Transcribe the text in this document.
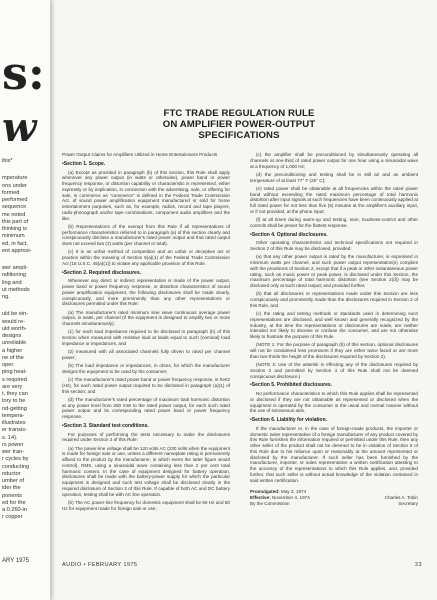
s:
w
ibis*
mperature
ons under
formed
performed
sequence
me noted
this part of
thinking is
minimum
ed, in fact,
ent approxi-
wer ampli-
nditioning
ling and
ut methods
ng.
uld be ein-
would re-
uld worth-
designs
unreliable
a higher
ne of the
oper.
ping heat-
s required
are very
t, they can
tory to be
nd-getting
tempera-
illustrates
er transis-
s. 14).
rs power
wer tran-
r cycles by
conducting
nductor
umber of
ider the
ponents
ed for the
a 0.260-in
r copper
ARY 1975
FTC TRADE REGULATION RULE
ON AMPLIFIER POWER-OUTPUT
SPECIFICATIONS

Power Output Claims for Amplifiers Utilized in Home Entertainment Products

• Section 1. Scope.

(a) Except as provided in paragraph (b) of this section, this Rule shall apply whenever any power output (in watts or otherwise), power band or power frequency response, or distortion capability or characteristic is represented, either expressly or by implication, in connection with the advertising, sale, or offering for sale, in commerce as "commerce" is defined in the Federal Trade Commission Act, of sound power amplification equipment manufactured or sold for home entertainment purposes, such as, for example, radios, record and tape players, radio-phonograph and/or tape combinations, component audio amplifiers and the like.

(b) Representations of the exempt from this Rule if all representations of performance characteristics referred to in paragraph (a) of this section clearly and conspicuously disclose a manufacturer's rated power output and that rated output does not exceed two (2) watts (per channel or total).

(c) It is an unfair method of competition and an unfair or deceptive act or practice within the meaning of Section 5(a)(1) of the Federal Trade Commission Act (15 U.S.C. 45(a)(1)) to violate any applicable provision of this Rule.

• Section 2. Required disclosures.

Whenever any direct or indirect representation is made of the power output, power band or power frequency response, or distortion characteristics of sound power amplification equipment, the following disclosures shall be made clearly, conspicuously, and more prominently than any other representations or disclosures permitted under this Rule:

(a) The manufacturer's rated minimum sine wave continuous average power output, in watts, per channel (if the equipment is designed to amplify two or more channels simultaneously);

(1) for each load impedance required to be disclosed in paragraph (b) of this section when measured with resistive load at loads equal to such (nominal) load impedance or impedances, and

(2) measured with all associated channels fully driven to rated per channel power;

(b) The load impedance or impedances, in ohms, for which the manufacturer designs the equipment to be used by the consumer;

(c) The manufacturer's rated power band or power frequency response, in hertz (Hz), for each rated power output required to be disclosed in paragraph (a)(1) of this section; and

(d) The manufacturer's rated percentage of maximum total harmonic distortion at any power level from 250 mW to the rated power output, for each such rated power output and its corresponding rated power band or power frequency response.

• Section 3. Standard test conditions.

For purposes of performing the tests necessary to make the disclosures required under Section 2 of this Rule:

(a) The power-line voltage shall be 120 volts AC (230 volts when the equipment is made for foreign sale or use, unless a different nameplate rating is permanently affixed to the product by the manufacturer, in which event the latter figure would control), RMS, using a sinusoidal wave containing less than 2 per cent total harmonic content. In the case of equipment designed for battery operation, disclosures shall be made with the battery-power supply for which the particular equipment is designed and such test voltage shall be disclosed clearly in the required disclosure of Section 2 of this Rule. If capable of both AC and DC battery operation, testing shall be with AC line operation.

(b) The AC power-line frequency for domestic equipment shall be 60 Hz and 50 Hz for equipment made for foreign sale or use;

(c) the amplifier shall be preconditioned by simultaneously operating all channels at one-third of rated power output for one hour using a sinusoidal wave at a frequency of 1,000 Hz;

(d) the preconditioning and testing shall be in still air and an ambient temperature of at least 77° F (25° C);

(e) rated power shall be obtainable at all frequencies within the rated power band without exceeding the rated maximum percentage of total harmonic distortion after input signals at such frequencies have been continuously applied at full rated power for not less than five (5) minutes at the amplifier's auxiliary input, or if not provided, at the phono input;

(f) at all times during warm-up and testing, tone, loudness-control and other controls shall be preset for the flattest response.

• Section 4. Optional disclosures.

Other operating characteristics and technical specifications not required in Section 2 of this Rule may be disclosed, provided:

(a) that any other power output is rated by the manufacturer, is expressed in minimum watts per channel, and such power output representation(s) complies with the provisions of Section 2, except that if a peak or other instantaneous power rating, such as music power or peak power, is disclosed under this Section, the maximum percentage of total harmonic distortion (see Section 2(d)) may be disclosed only at such rated output; and provided further,

(b) that all disclosures or representations made under this Section are less conspicuously and prominently made than the disclosures required in Section 2 of this Rule, and

(c) the rating and testing methods or standards used in determining such representations are disclosed, and well known and generally recognized by the industry, at the time the representations or disclosures are made, are neither intended nor likely to deceive or confuse the consumer, and are not otherwise likely to frustrate the purpose of this Rule.

(NOTE 1: For the purpose of paragraph (b) of this section, optional disclosures will not be considered less prominent if they are either twice faced or are more than two-thirds the height of the disclosures required by Section 2).

(NOTE 2: Use of the asterisk in effecting any of the disclosures required by Section 2 and permitted by Section 4 of this Rule shall not be deemed conspicuous disclosure.)

• Section 5. Prohibited disclosures.

No performance characteristics to which this Rule applies shall be represented or disclosed if they are not obtainable as represented or disclosed when the equipment is operated by the consumer in the usual and normal manner without the use of extraneous aids.

• Section 6. Liability for violation.

If the manufacturer or, in the case of foreign-made products, the importer or domestic sales representative of a foreign manufacturer of any product covered by this Rule furnishes the information required or permitted under this Rule, then any other seller of the product shall not be deemed to be in violation of Section 5 of this Rule due to his reliance upon or reasonably at the amount represented or disclosed by the manufacturer. If such seller has been furnished by the manufacturer, importer, or sales representative a written certification attesting to the accuracy of the representations to which this Rule applies, and, provided further, that such seller is without actual knowledge of the violation contained in said written certification.

Promulgated: May 3, 1974
Effective: November 4, 1974	Charles A. Tobin
By the Commission	Secretary
AUDIO • FEBRUARY 1975	23
